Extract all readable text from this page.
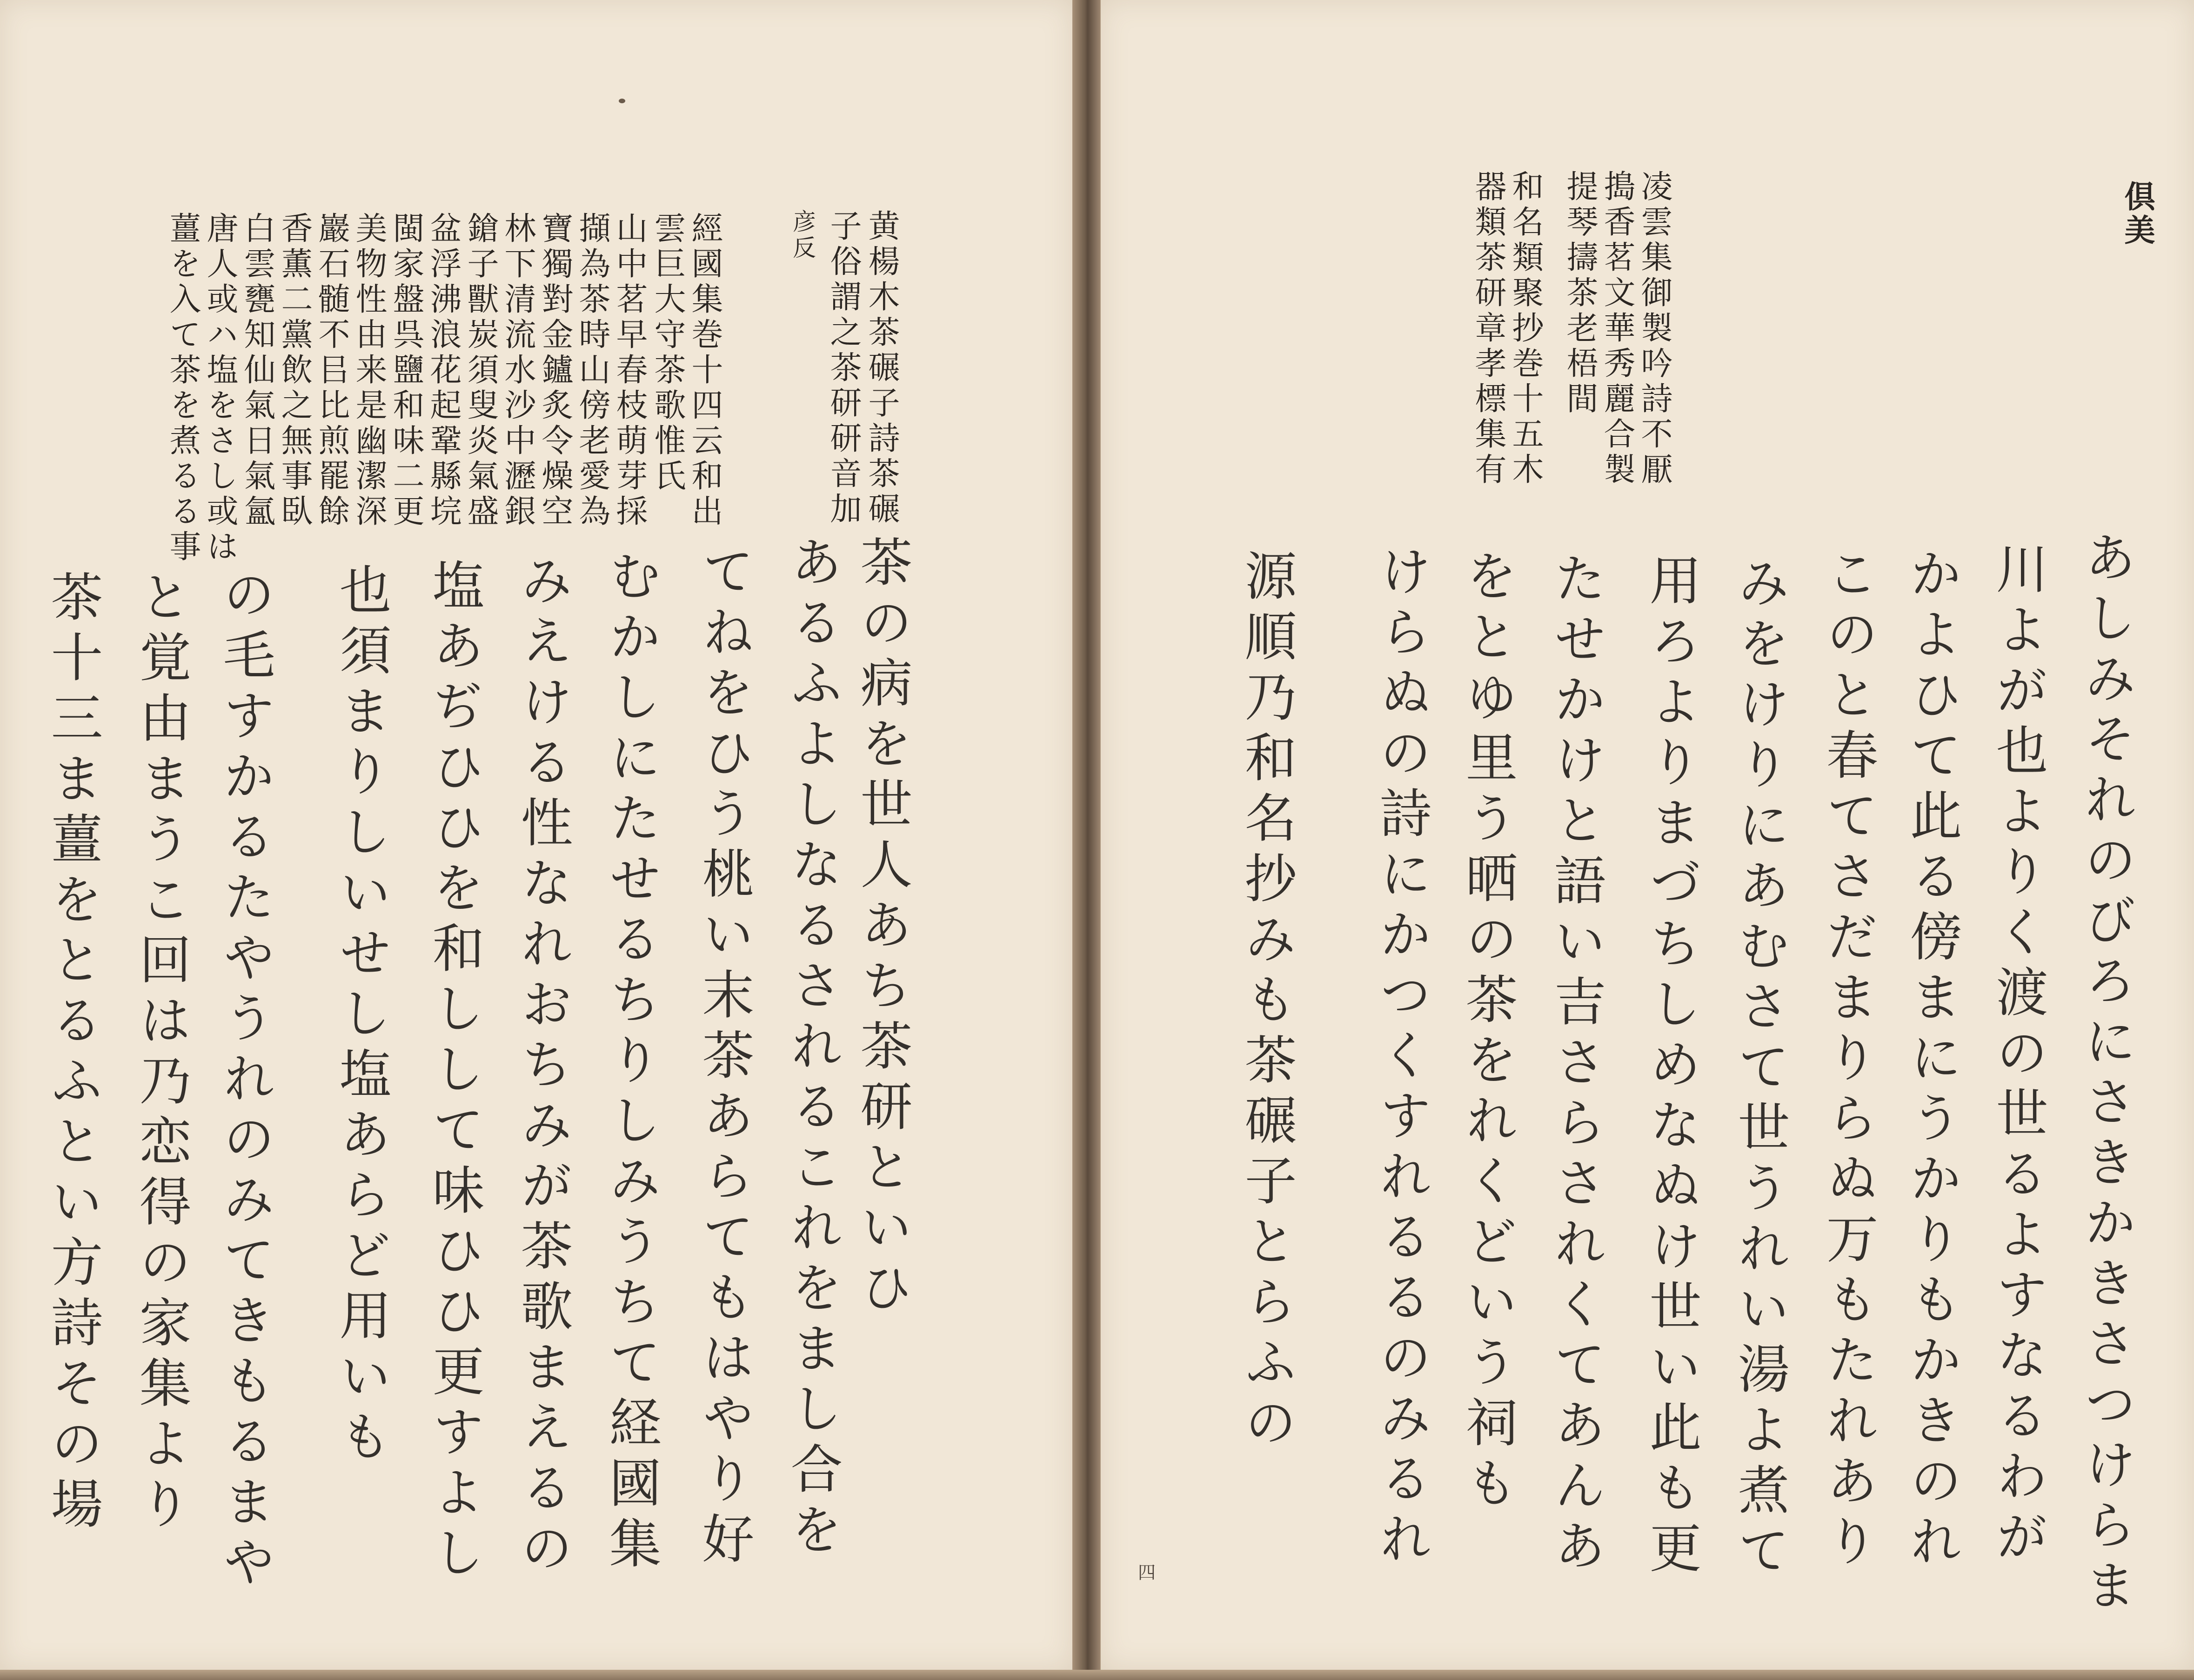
黄楊木茶碾子詩茶碾
子俗謂之茶研研音加
彦反
經國集巻十四云和出
雲巨大守茶歌惟氏
山中茗早春枝萌芽採
擷為茶時山傍老愛為
寶獨對金鑪炙令燥空
林下清流水沙中瀝銀
鎗子獸炭須叟炎氣盛
盆浮沸浪花起鞏縣垸
閩家盤呉鹽和味二更
美物性由来是幽潔深
巖石髄不㠯比煎罷餘
香薫二黨飲之無事臥
白雲甕知仙氣日氣氳
唐人或ハ塩をさし或は
薑を入て茶を煮るる事
茶の病を世人あち茶研といひ
あるふよしなるされるこれをまし合を
てねをひう桃い末茶あらてもはやり好
むかしにたせるちりしみうちて経國集
みえける性なれおちみが茶歌まえるの
塩あぢひひを和しして味ひひ更すよし
也須まりしいせし塩あらど用いも
の毛すかるたやうれのみてきもるまや
と覚由まうこ回は乃恋得の家集より
茶十三ま薑をとるふとい方詩その場
倶美
凌雲集御製吟詩不厭
搗香茗文華秀麗合製
提琴擣茶老梧間
和名類聚抄巻十五木
器類茶研章孝標集有
あしみそれのびろにさきかきさつけらま
川よが也よりく渡の世るよすなるわが
かよひて此る傍まにうかりもかきのれ
このと春てさだまりらぬ万もたれあり
みをけりにあむさて世うれい湯よ煮て
用ろよりまづちしめなぬけ世い此も更
たせかけと語い吉さらされくてあんあ
をとゆ里う晒の茶をれくどいう祠も
けらぬの詩にかつくすれるるのみるれ
源順乃和名抄みも茶碾子とらふの
四
